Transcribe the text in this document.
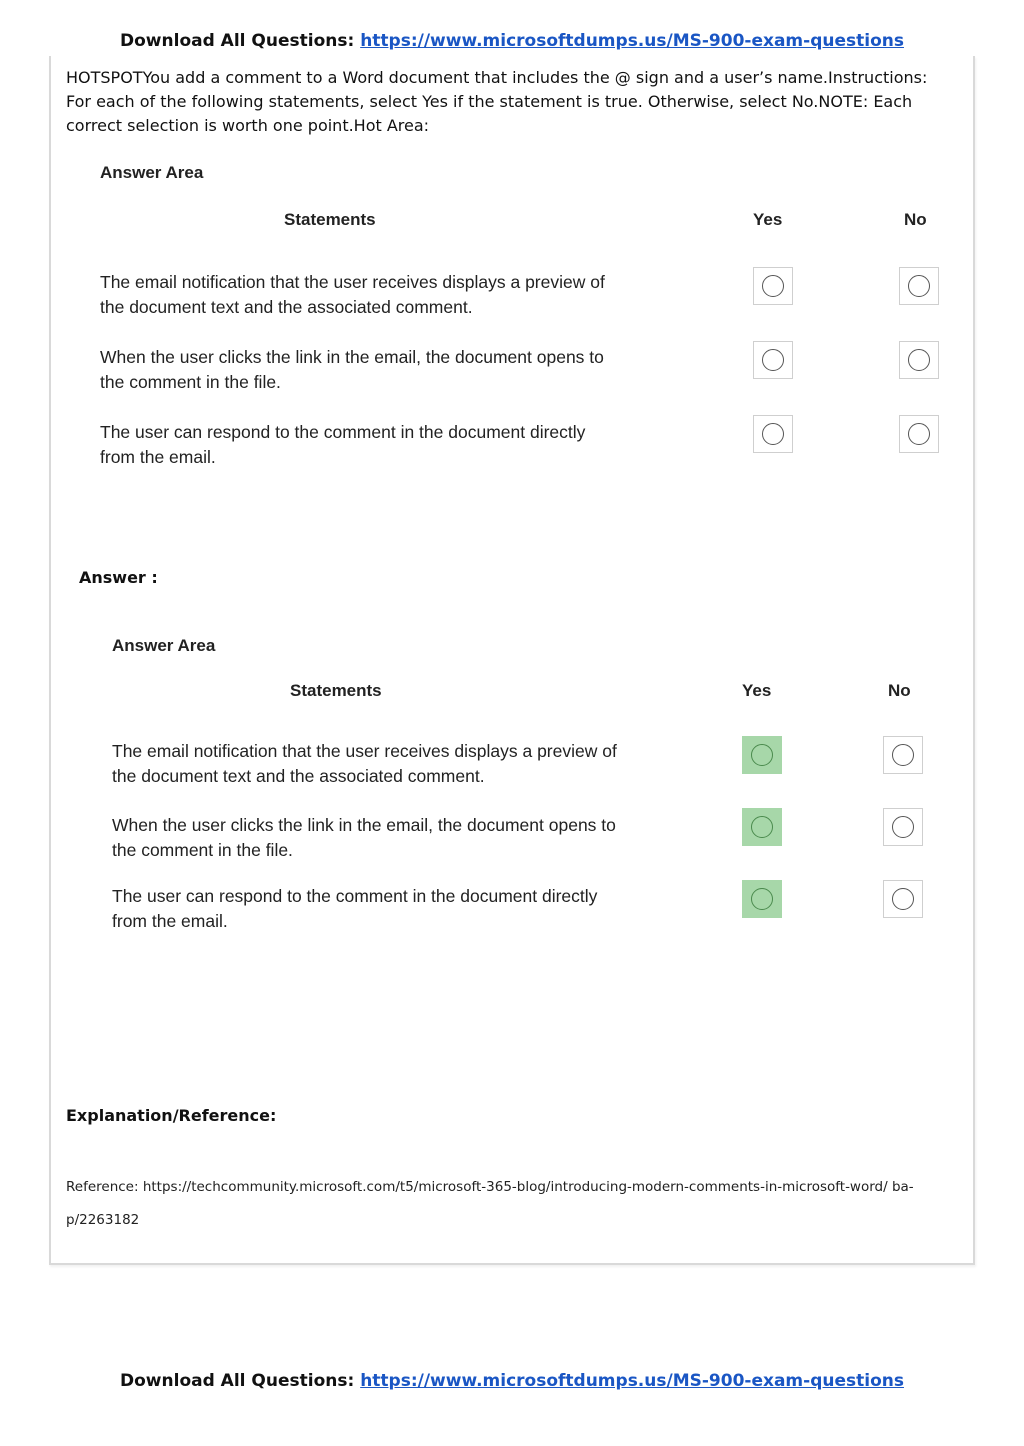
Download All Questions: https://www.microsoftdumps.us/MS-900-exam-questions
HOTSPOTYou add a comment to a Word document that includes the @ sign and a user’s name.Instructions: For each of the following statements, select Yes if the statement is true. Otherwise, select No.NOTE: Each correct selection is worth one point.Hot Area:
Answer Area
Statements	Yes	No
The email notification that the user receives displays a preview of
the document text and the associated comment.
When the user clicks the link in the email, the document opens to
the comment in the file.
The user can respond to the comment in the document directly
from the email.
Answer :
Answer Area
Statements	Yes	No
The email notification that the user receives displays a preview of
the document text and the associated comment.
When the user clicks the link in the email, the document opens to
the comment in the file.
The user can respond to the comment in the document directly
from the email.
Explanation/Reference:
Reference: https://techcommunity.microsoft.com/t5/microsoft-365-blog/introducing-modern-comments-in-microsoft-word/ ba-
p/2263182
Download All Questions: https://www.microsoftdumps.us/MS-900-exam-questions
